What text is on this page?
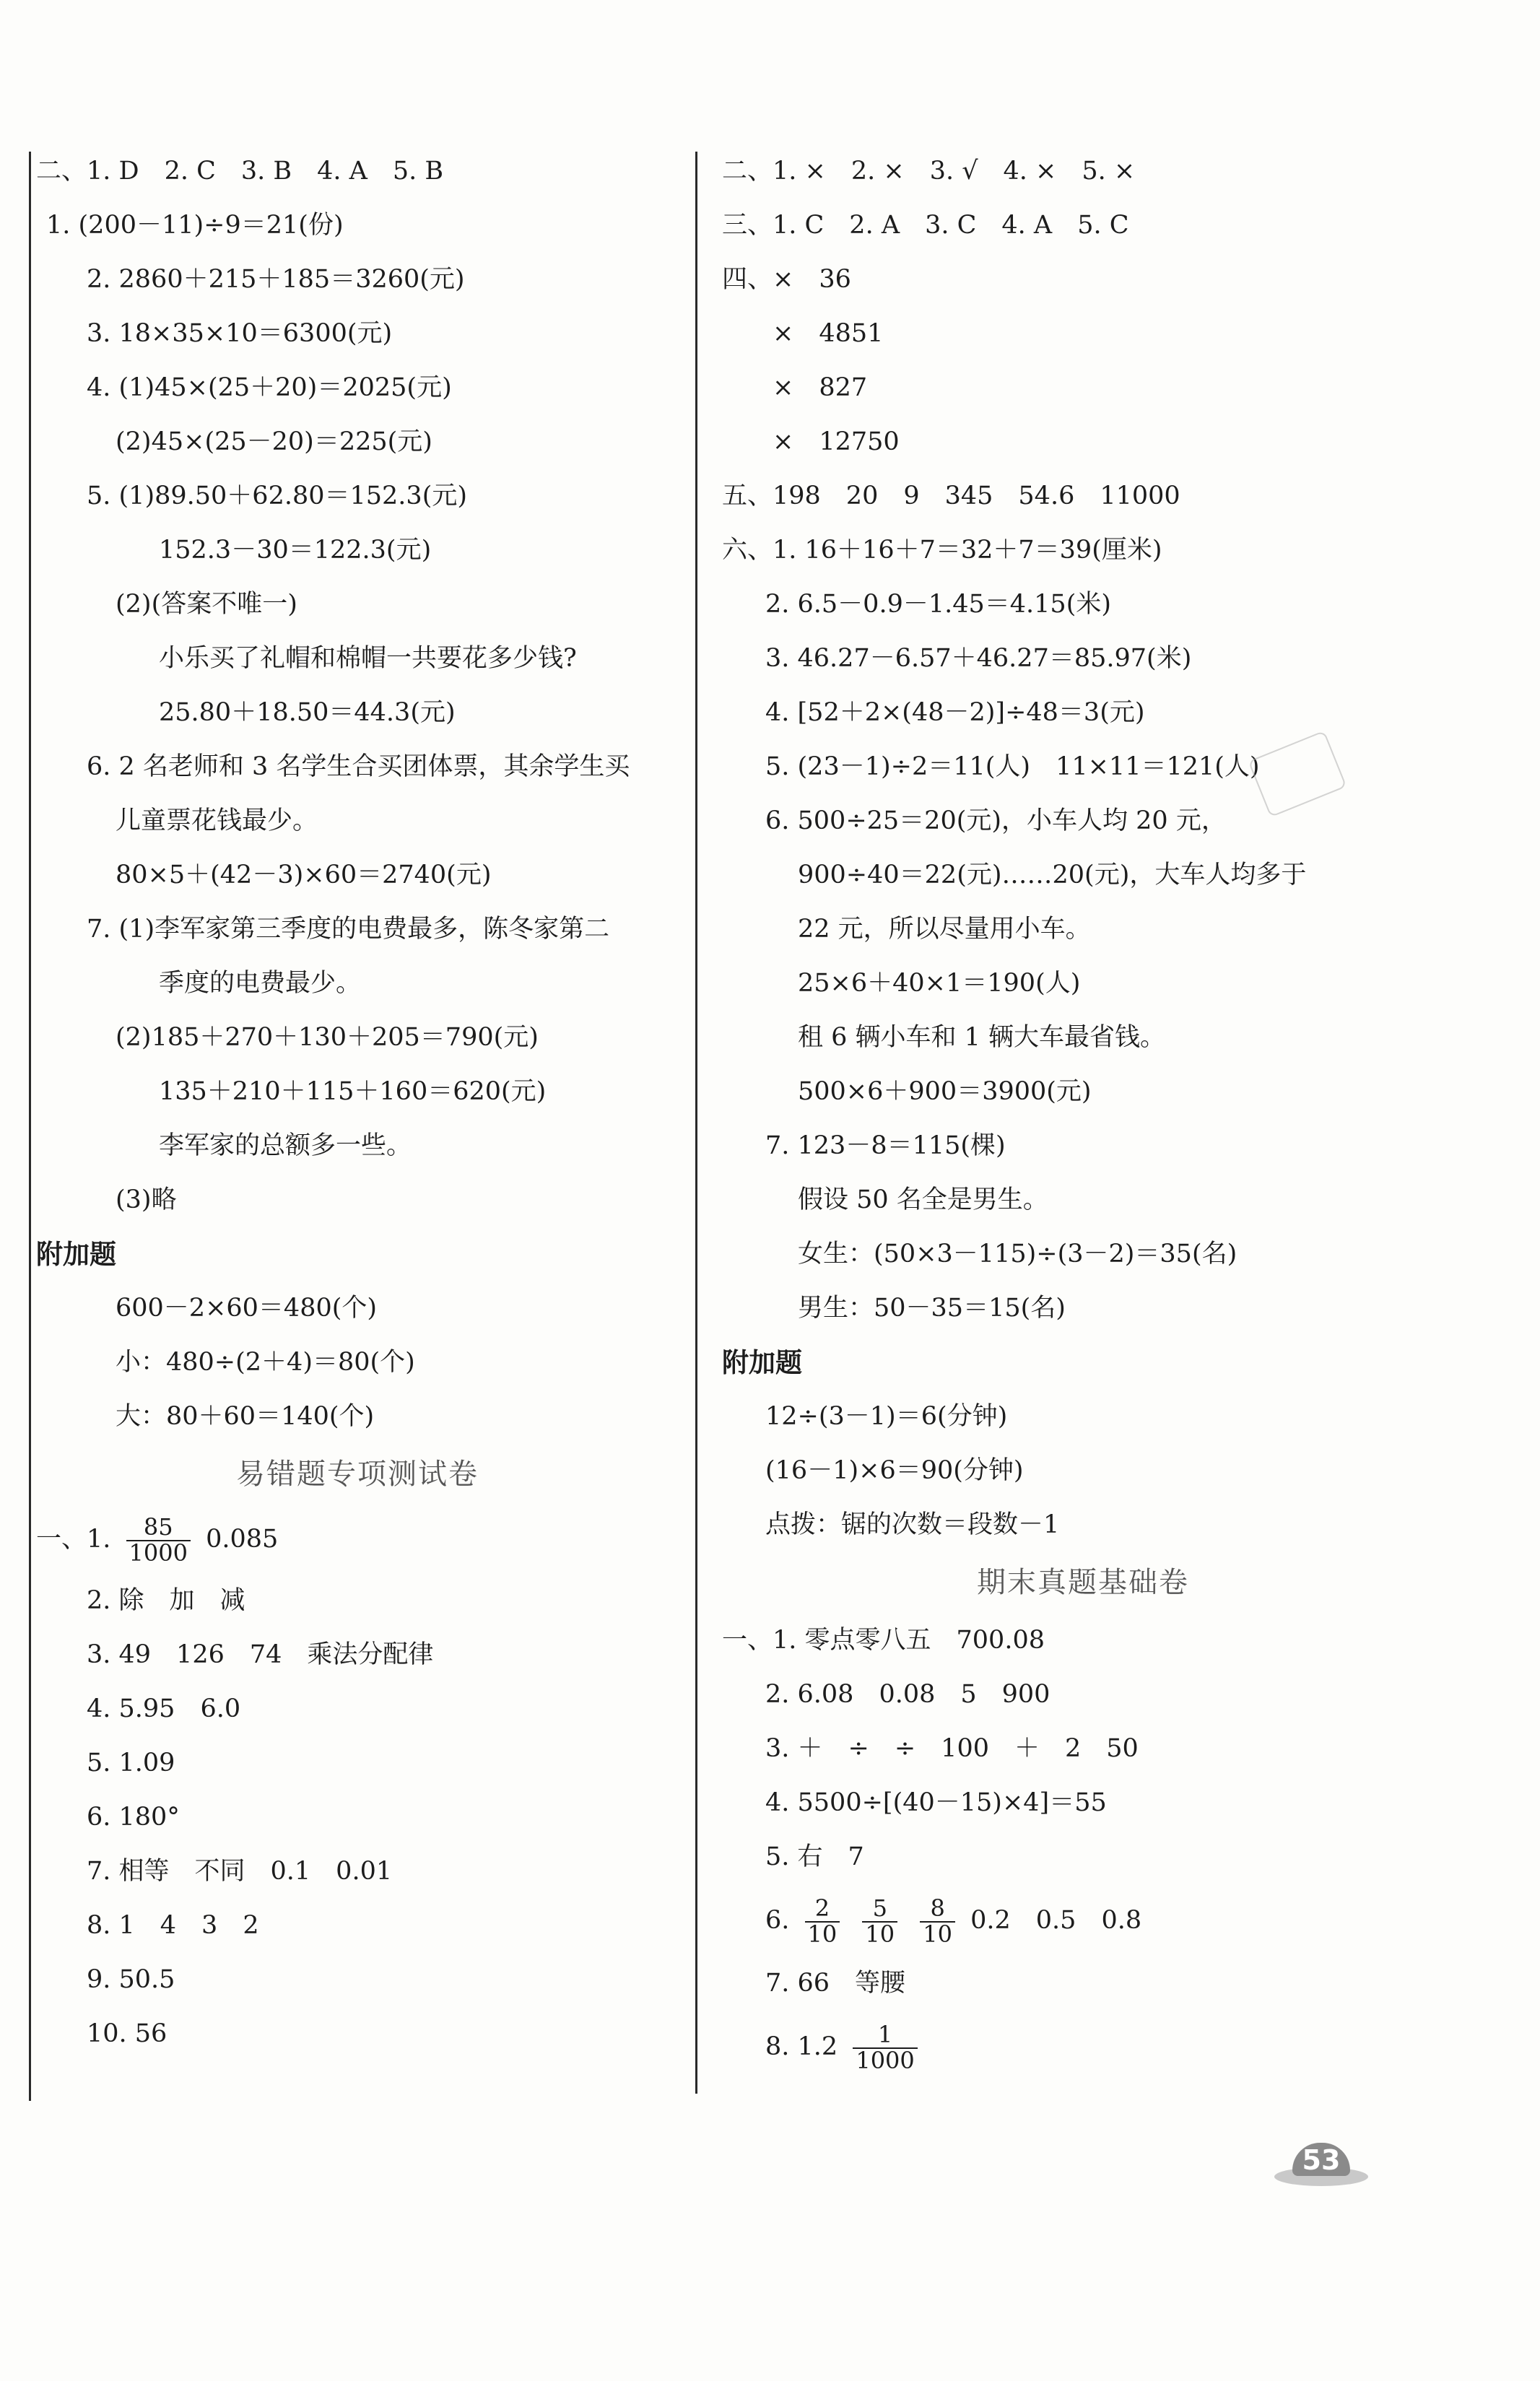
二、1. D　2. C　3. B　4. A　5. B
1. (200－11)÷9＝21(份)
2. 2860＋215＋185＝3260(元)
3. 18×35×10＝6300(元)
4. (1)45×(25＋20)＝2025(元)
(2)45×(25－20)＝225(元)
5. (1)89.50＋62.80＝152.3(元)
152.3－30＝122.3(元)
(2)(答案不唯一)
小乐买了礼帽和棉帽一共要花多少钱?
25.80＋18.50＝44.3(元)
6. 2 名老师和 3 名学生合买团体票，其余学生买
儿童票花钱最少。
80×5＋(42－3)×60＝2740(元)
7. (1)李军家第三季度的电费最多，陈冬家第二
季度的电费最少。
(2)185＋270＋130＋205＝790(元)
135＋210＋115＋160＝620(元)
李军家的总额多一些。
(3)略
附加题
600－2×60＝480(个)
小：480÷(2＋4)＝80(个)
大：80＋60＝140(个)
易错题专项测试卷
一、1. $\frac{85}{1000} 0.085$
2. 除　加　减
3. 49　126　74　乘法分配律
4. 5.95　6.0
5. 1.09
6. 180°
7. 相等　不同　0.1　0.01
8. 1　4　3　2
9. 50.5
10. 56
二、1. ×　2. ×　3. √　4. ×　5. ×
三、1. C　2. A　3. C　4. A　5. C
四、×　36
×　4851
×　827
×　12750
五、198　20　9　345　54.6　11000
六、1. 16＋16＋7＝32＋7＝39(厘米)
2. 6.5－0.9－1.45＝4.15(米)
3. 46.27－6.57＋46.27＝85.97(米)
4. [52＋2×(48－2)]÷48＝3(元)
5. (23－1)÷2＝11(人)　11×11＝121(人)
6. 500÷25＝20(元)，小车人均 20 元，
900÷40＝22(元)……20(元)，大车人均多于
22 元，所以尽量用小车。
25×6＋40×1＝190(人)
租 6 辆小车和 1 辆大车最省钱。
500×6＋900＝3900(元)
7. 123－8＝115(棵)
假设 50 名全是男生。
女生：(50×3－115)÷(3－2)＝35(名)
男生：50－35＝15(名)
附加题
12÷(3－1)＝6(分钟)
(16－1)×6＝90(分钟)
点拨：锯的次数＝段数－1
期末真题基础卷
一、1. 零点零八五　700.08
2. 6.08　0.08　5　900
3. ＋　÷　÷　100　＋　2　50
4. 5500÷[(40－15)×4]＝55
5. 右　7
6. $\frac{2}{10}$
$\frac{5}{10}$
$\frac{8}{10} 0.2$　0.5　0.8
7. 66　等腰
8. $1.2 \frac{1}{1000}$
53
